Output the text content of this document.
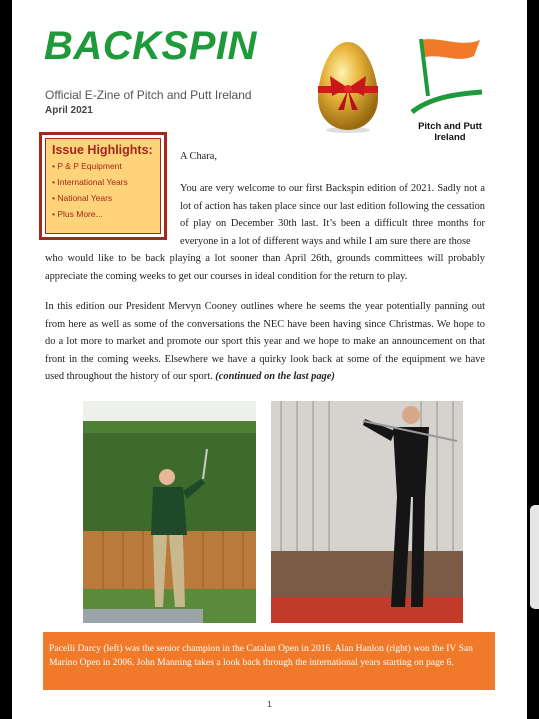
BACKSPIN
Official E-Zine of Pitch and Putt Ireland
April 2021
Pitch and Putt
Ireland
Issue Highlights:
• P & P Equipment
• International Years
• National Years
• Plus More...
A Chara,
You are very welcome to our first Backspin edition of 2021. Sadly not a lot of action has taken place since our last edition following the cessation of play on December 30th last. It’s been a difficult three months for everyone in a lot of different ways and while I am sure there are those
who would like to be back playing a lot sooner than April 26th, grounds committees will probably appreciate the coming weeks to get our courses in ideal condition for the return to play.
In this edition our President Mervyn Cooney outlines where he seems the year potentially panning out from here as well as some of the conversations the NEC have been having since Christmas. We hope to do a lot more to market and promote our sport this year and we hope to make an announcement on that front in the coming weeks. Elsewhere we have a quirky look back at some of the equipment we have used throughout the history of our sport. (continued on the last page)
Pacelli Darcy (left) was the senior champion in the Catalan Open in 2016. Alan Hanlon (right) won the IV San Marino Open in 2006. John Manning takes a look back through the international years starting on page 6.
1
